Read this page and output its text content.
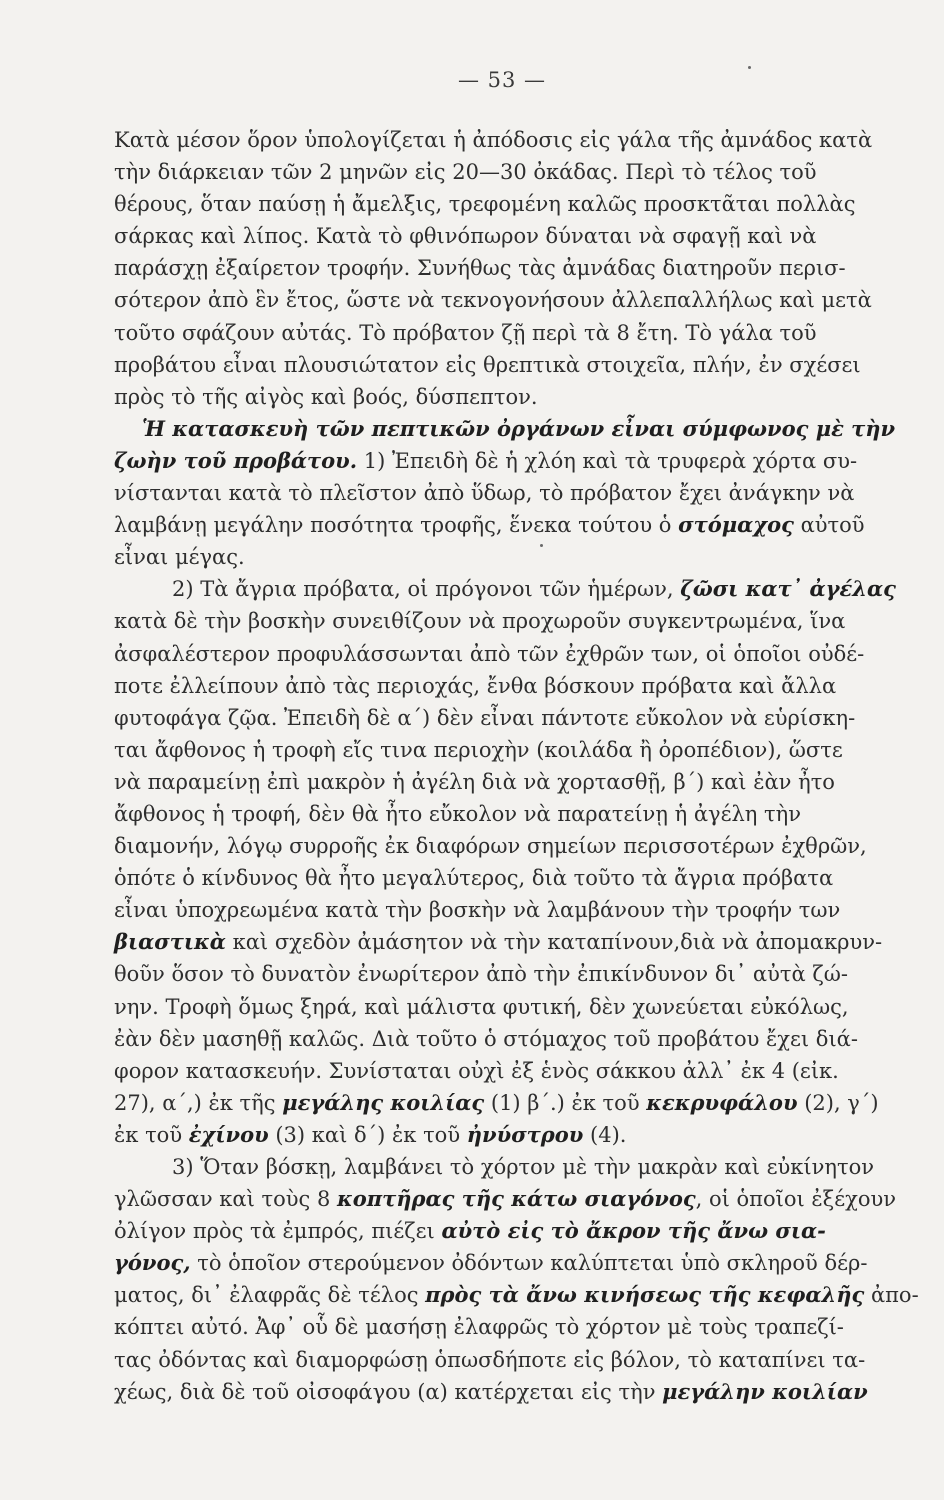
— 53 —
Κατὰ μέσον ὅρον ὑπολογίζεται ἡ ἀπόδοσις εἰς γάλα τῆς ἀμνάδος κατὰ
τὴν διάρκειαν τῶν 2 μηνῶν εἰς 20—30 ὀκάδας. Περὶ τὸ τέλος τοῦ
θέρους, ὅταν παύσῃ ἡ ἄμελξις, τρεφομένη καλῶς προσκτᾶται πολλὰς
σάρκας καὶ λίπος. Κατὰ τὸ φθινόπωρον δύναται νὰ σφαγῇ καὶ νὰ
παράσχῃ ἐξαίρετον τροφήν. Συνήθως τὰς ἀμνάδας διατηροῦν περισ-
σότερον ἀπὸ ἓν ἔτος, ὥστε νὰ τεκνογονήσουν ἀλλεπαλλήλως καὶ μετὰ
τοῦτο σφάζουν αὐτάς. Τὸ πρόβατον ζῇ περὶ τὰ 8 ἔτη. Τὸ γάλα τοῦ
προβάτου εἶναι πλουσιώτατον εἰς θρεπτικὰ στοιχεῖα, πλήν, ἐν σχέσει
πρὸς τὸ τῆς αἰγὸς καὶ βοός, δύσπεπτον.
Ἡ κατασκευὴ τῶν πεπτικῶν ὀργάνων εἶναι σύμφωνος μὲ τὴν
ζωὴν τοῦ προβάτου. 1) Ἐπειδὴ δὲ ἡ χλόη καὶ τὰ τρυφερὰ χόρτα συ-
νίστανται κατὰ τὸ πλεῖστον ἀπὸ ὕδωρ, τὸ πρόβατον ἔχει ἀνάγκην νὰ
λαμβάνῃ μεγάλην ποσότητα τροφῆς, ἕνεκα τούτου ὁ στόμαχος αὐτοῦ
εἶναι μέγας.
2) Τὰ ἄγρια πρόβατα, οἱ πρόγονοι τῶν ἡμέρων, ζῶσι κατ᾽ ἀγέλας
κατὰ δὲ τὴν βοσκὴν συνειθίζουν νὰ προχωροῦν συγκεντρωμένα, ἵνα
ἀσφαλέστερον προφυλάσσωνται ἀπὸ τῶν ἐχθρῶν των, οἱ ὁποῖοι οὐδέ-
ποτε ἐλλείπουν ἀπὸ τὰς περιοχάς, ἔνθα βόσκουν πρόβατα καὶ ἄλλα
φυτοφάγα ζῷα. Ἐπειδὴ δὲ α΄) δὲν εἶναι πάντοτε εὔκολον νὰ εὑρίσκη-
ται ἄφθονος ἡ τροφὴ εἴς τινα περιοχὴν (κοιλάδα ἢ ὀροπέδιον), ὥστε
νὰ παραμείνῃ ἐπὶ μακρὸν ἡ ἀγέλη διὰ νὰ χορτασθῇ, β΄) καὶ ἐὰν ἦτο
ἄφθονος ἡ τροφή, δὲν θὰ ἦτο εὔκολον νὰ παρατείνῃ ἡ ἀγέλη τὴν
διαμονήν, λόγῳ συρροῆς ἐκ διαφόρων σημείων περισσοτέρων ἐχθρῶν,
ὁπότε ὁ κίνδυνος θὰ ἦτο μεγαλύτερος, διὰ τοῦτο τὰ ἄγρια πρόβατα
εἶναι ὑποχρεωμένα κατὰ τὴν βοσκὴν νὰ λαμβάνουν τὴν τροφήν των
βιαστικὰ καὶ σχεδὸν ἀμάσητον νὰ τὴν καταπίνουν,διὰ νὰ ἀπομακρυν-
θοῦν ὅσον τὸ δυνατὸν ἐνωρίτερον ἀπὸ τὴν ἐπικίνδυνον δι᾽ αὐτὰ ζώ-
νην. Τροφὴ ὅμως ξηρά, καὶ μάλιστα φυτική, δὲν χωνεύεται εὐκόλως,
ἐὰν δὲν μασηθῇ καλῶς. Διὰ τοῦτο ὁ στόμαχος τοῦ προβάτου ἔχει διά-
φορον κατασκευήν. Συνίσταται οὐχὶ ἐξ ἑνὸς σάκκου ἀλλ᾽ ἐκ 4 (εἰκ.
27), α΄,) ἐκ τῆς μεγάλης κοιλίας (1) β΄.) ἐκ τοῦ κεκρυφάλου (2), γ΄)
ἐκ τοῦ ἐχίνου (3) καὶ δ΄) ἐκ τοῦ ἠνύστρου (4).
3) Ὅταν βόσκῃ, λαμβάνει τὸ χόρτον μὲ τὴν μακρὰν καὶ εὐκίνητον
γλῶσσαν καὶ τοὺς 8 κοπτῆρας τῆς κάτω σιαγόνος, οἱ ὁποῖοι ἐξέχουν
ὀλίγον πρὸς τὰ ἐμπρός, πιέζει αὐτὸ εἰς τὸ ἄκρον τῆς ἄνω σια-
γόνος, τὸ ὁποῖον στερούμενον ὀδόντων καλύπτεται ὑπὸ σκληροῦ δέρ-
ματος, δι᾽ ἐλαφρᾶς δὲ τέλος πρὸς τὰ ἄνω κινήσεως τῆς κεφαλῆς ἀπο-
κόπτει αὐτό. Ἀφ᾽ οὗ δὲ μασήσῃ ἐλαφρῶς τὸ χόρτον μὲ τοὺς τραπεζί-
τας ὀδόντας καὶ διαμορφώσῃ ὁπωσδήποτε εἰς βόλον, τὸ καταπίνει τα-
χέως, διὰ δὲ τοῦ οἰσοφάγου (α) κατέρχεται εἰς τὴν μεγάλην κοιλίαν
